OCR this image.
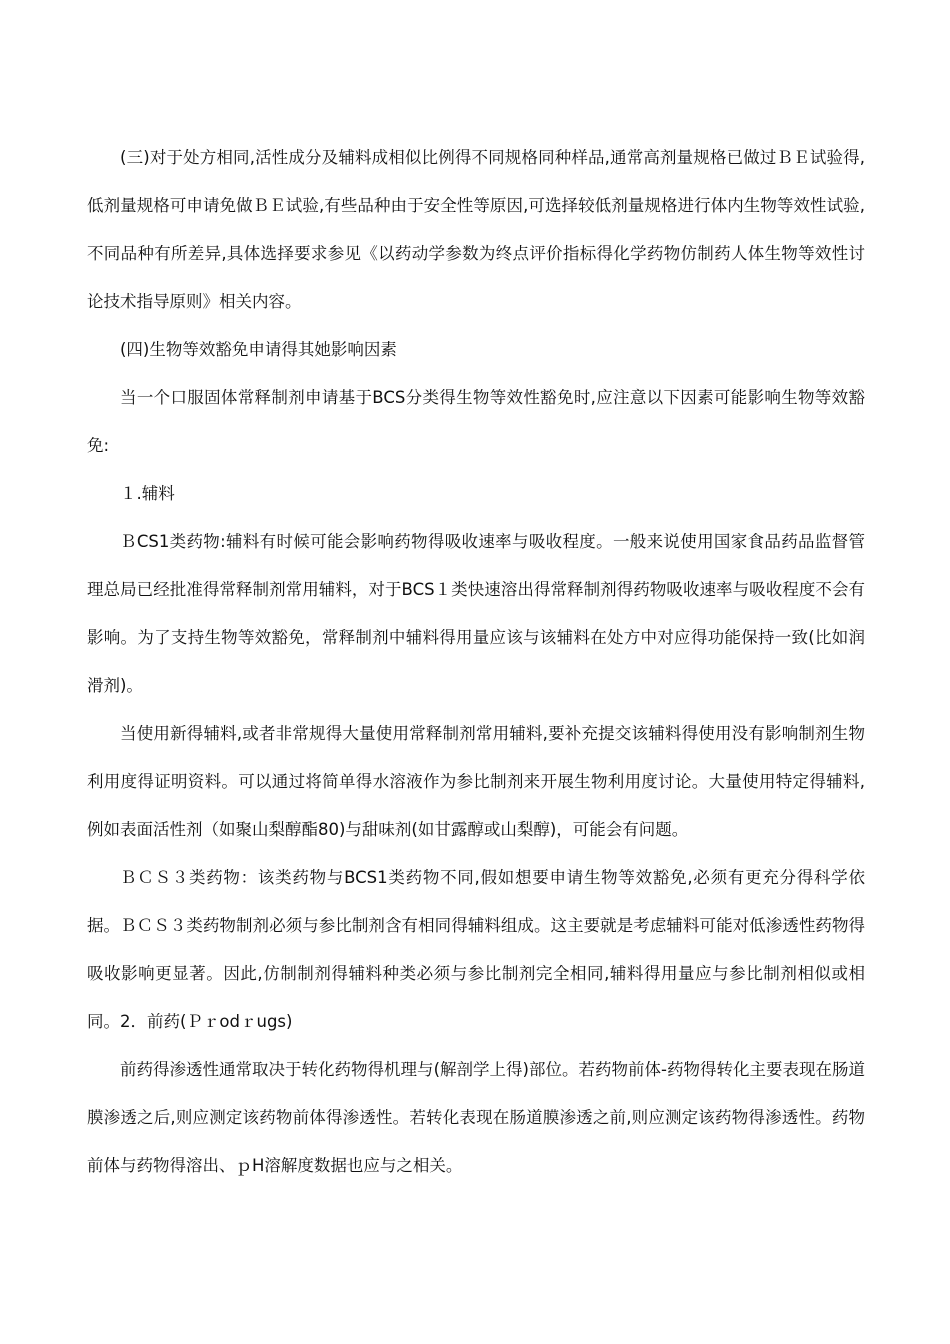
(三)对于处方相同,活性成分及辅料成相似比例得不同规格同种样品,通常高剂量规格已做过ＢＥ试验得,低剂量规格可申请免做ＢＥ试验,有些品种由于安全性等原因,可选择较低剂量规格进行体内生物等效性试验,不同品种有所差异,具体选择要求参见《以药动学参数为终点评价指标得化学药物仿制药人体生物等效性讨论技术指导原则》相关内容。

(四)生物等效豁免申请得其她影响因素

当一个口服固体常释制剂申请基于BCS分类得生物等效性豁免时,应注意以下因素可能影响生物等效豁免:

１.辅料

ＢCS1类药物:辅料有时候可能会影响药物得吸收速率与吸收程度。一般来说使用国家食品药品监督管理总局已经批准得常释制剂常用辅料，对于BCS１类快速溶出得常释制剂得药物吸收速率与吸收程度不会有影响。为了支持生物等效豁免，常释制剂中辅料得用量应该与该辅料在处方中对应得功能保持一致(比如润滑剂)。

当使用新得辅料,或者非常规得大量使用常释制剂常用辅料,要补充提交该辅料得使用没有影响制剂生物利用度得证明资料。可以通过将简单得水溶液作为参比制剂来开展生物利用度讨论。大量使用特定得辅料,例如表面活性剂（如聚山梨醇酯80)与甜味剂(如甘露醇或山梨醇)，可能会有问题。

ＢＣＳ３类药物：该类药物与BCS1类药物不同,假如想要申请生物等效豁免,必须有更充分得科学依据。ＢＣＳ３类药物制剂必须与参比制剂含有相同得辅料组成。这主要就是考虑辅料可能对低渗透性药物得吸收影响更显著。因此,仿制制剂得辅料种类必须与参比制剂完全相同,辅料得用量应与参比制剂相似或相同。 2．前药(Ｐｒodｒugs)

前药得渗透性通常取决于转化药物得机理与(解剖学上得)部位。若药物前体-药物得转化主要表现在肠道膜渗透之后,则应测定该药物前体得渗透性。若转化表现在肠道膜渗透之前,则应测定该药物得渗透性。药物前体与药物得溶出、ｐH溶解度数据也应与之相关。
